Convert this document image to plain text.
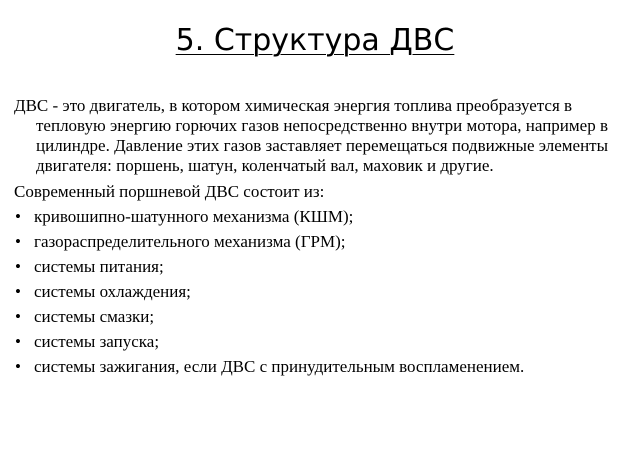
5. Структура ДВС

ДВС - это двигатель, в котором химическая энергия топлива преобразуется в тепловую энергию горючих газов непосредственно внутри мотора, например в цилиндре. Давление этих газов заставляет перемещаться подвижные элементы двигателя: поршень, шатун, коленчатый вал, маховик и другие.

Современный поршневой ДВС состоит из:

• кривошипно-шатунного механизма (КШМ);
• газораспределительного механизма (ГРМ);
• системы питания;
• системы охлаждения;
• системы смазки;
• системы запуска;
• системы зажигания, если ДВС с принудительным воспламенением.
